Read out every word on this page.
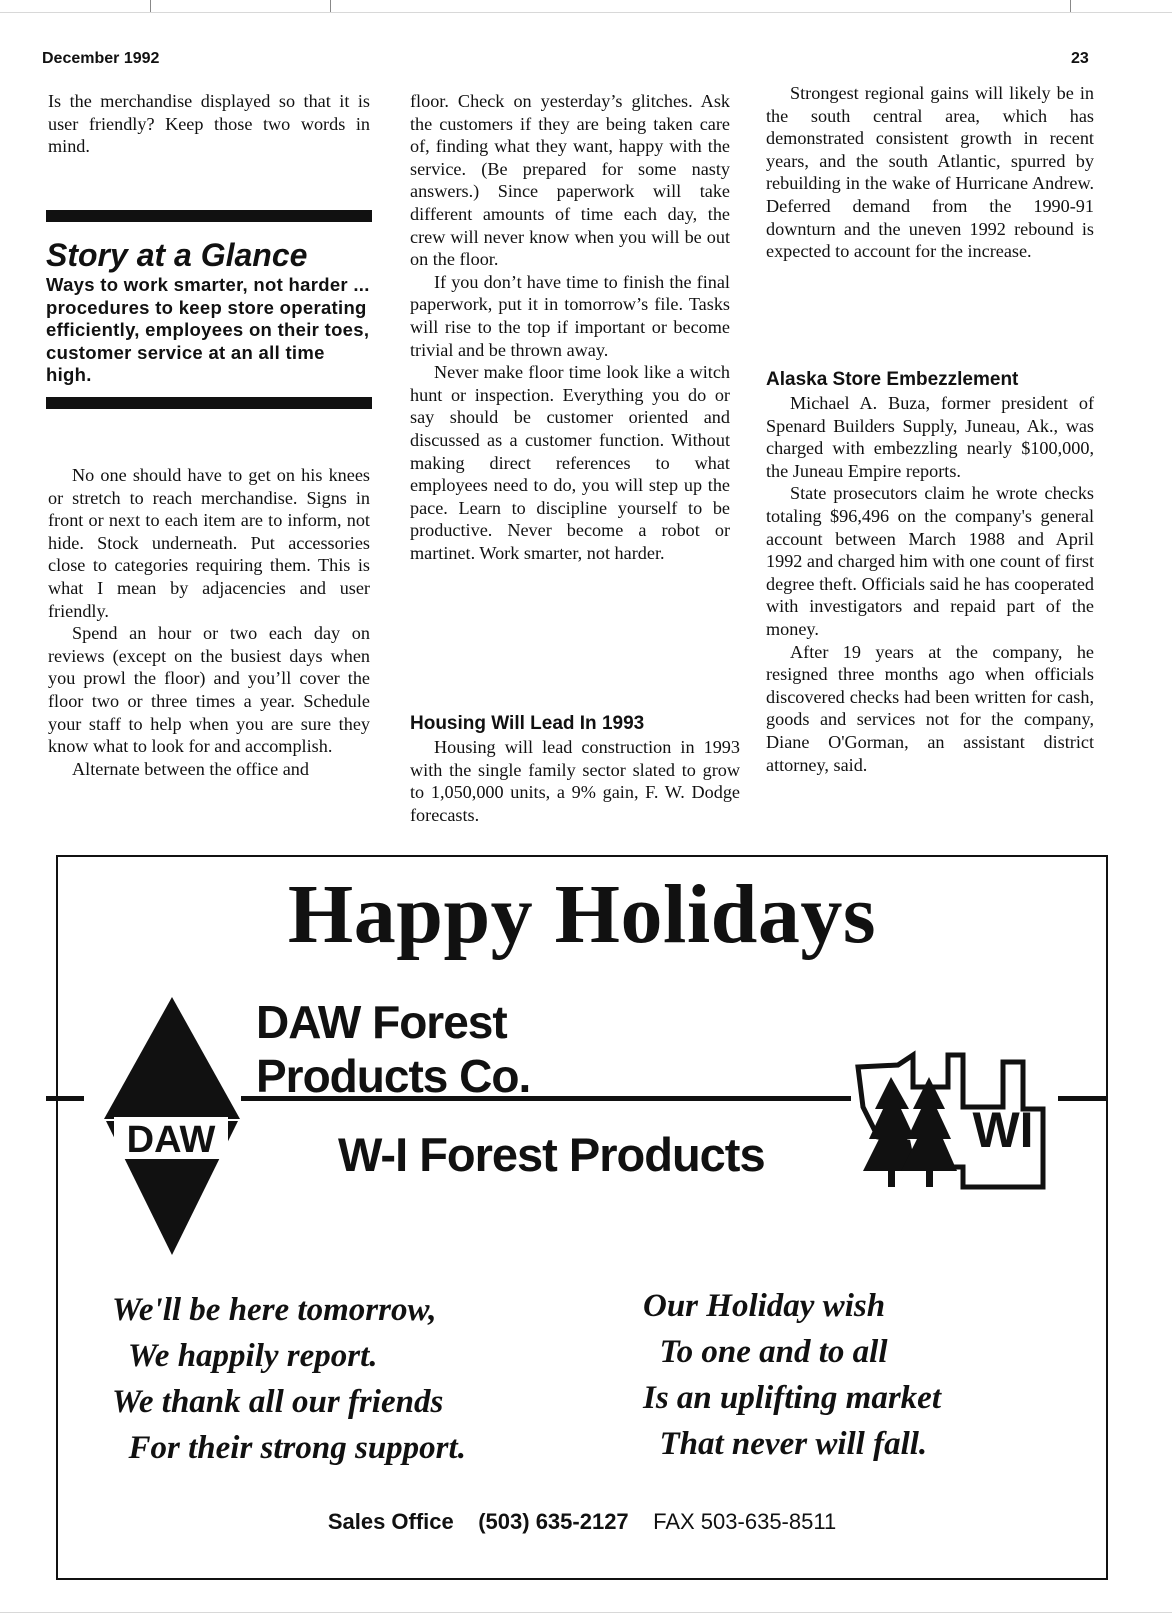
December 1992	23

Is the merchandise displayed so that it is user friendly? Keep those two words in mind.

Story at a Glance
Ways to work smarter, not harder ... procedures to keep store operating efficiently, employees on their toes, customer service at an all time high.

No one should have to get on his knees or stretch to reach merchandise. Signs in front or next to each item are to inform, not hide. Stock underneath. Put accessories close to categories requiring them. This is what I mean by adjacencies and user friendly.

Spend an hour or two each day on reviews (except on the busiest days when you prowl the floor) and you’ll cover the floor two or three times a year. Schedule your staff to help when you are sure they know what to look for and accomplish.

Alternate between the office and

floor. Check on yesterday’s glitches. Ask the customers if they are being taken care of, finding what they want, happy with the service. (Be prepared for some nasty answers.) Since paperwork will take different amounts of time each day, the crew will never know when you will be out on the floor.

If you don’t have time to finish the final paperwork, put it in tomorrow’s file. Tasks will rise to the top if important or become trivial and be thrown away.

Never make floor time look like a witch hunt or inspection. Everything you do or say should be customer oriented and discussed as a customer function. Without making direct references to what employees need to do, you will step up the pace. Learn to discipline yourself to be productive. Never become a robot or martinet. Work smarter, not harder.

Housing Will Lead In 1993

Housing will lead construction in 1993 with the single family sector slated to grow to 1,050,000 units, a 9% gain, F. W. Dodge forecasts.

Strongest regional gains will likely be in the south central area, which has demonstrated consistent growth in recent years, and the south Atlantic, spurred by rebuilding in the wake of Hurricane Andrew. Deferred demand from the 1990-91 downturn and the uneven 1992 rebound is expected to account for the increase.

Alaska Store Embezzlement

Michael A. Buza, former president of Spenard Builders Supply, Juneau, Ak., was charged with embezzling nearly $100,000, the Juneau Empire reports.

State prosecutors claim he wrote checks totaling $96,496 on the company's general account between March 1988 and April 1992 and charged him with one count of first degree theft. Officials said he has cooperated with investigators and repaid part of the money.

After 19 years at the company, he resigned three months ago when officials discovered checks had been written for cash, goods and services not for the company, Diane O'Gorman, an assistant district attorney, said.

Happy Holidays
DAW
DAW Forest
Products Co.
W-I Forest Products	WI
We'll be here tomorrow,
We happily report.
We thank all our friends
For their strong support.
Our Holiday wish
To one and to all
Is an uplifting market
That never will fall.
Sales Office (503) 635-2127 FAX 503-635-8511
